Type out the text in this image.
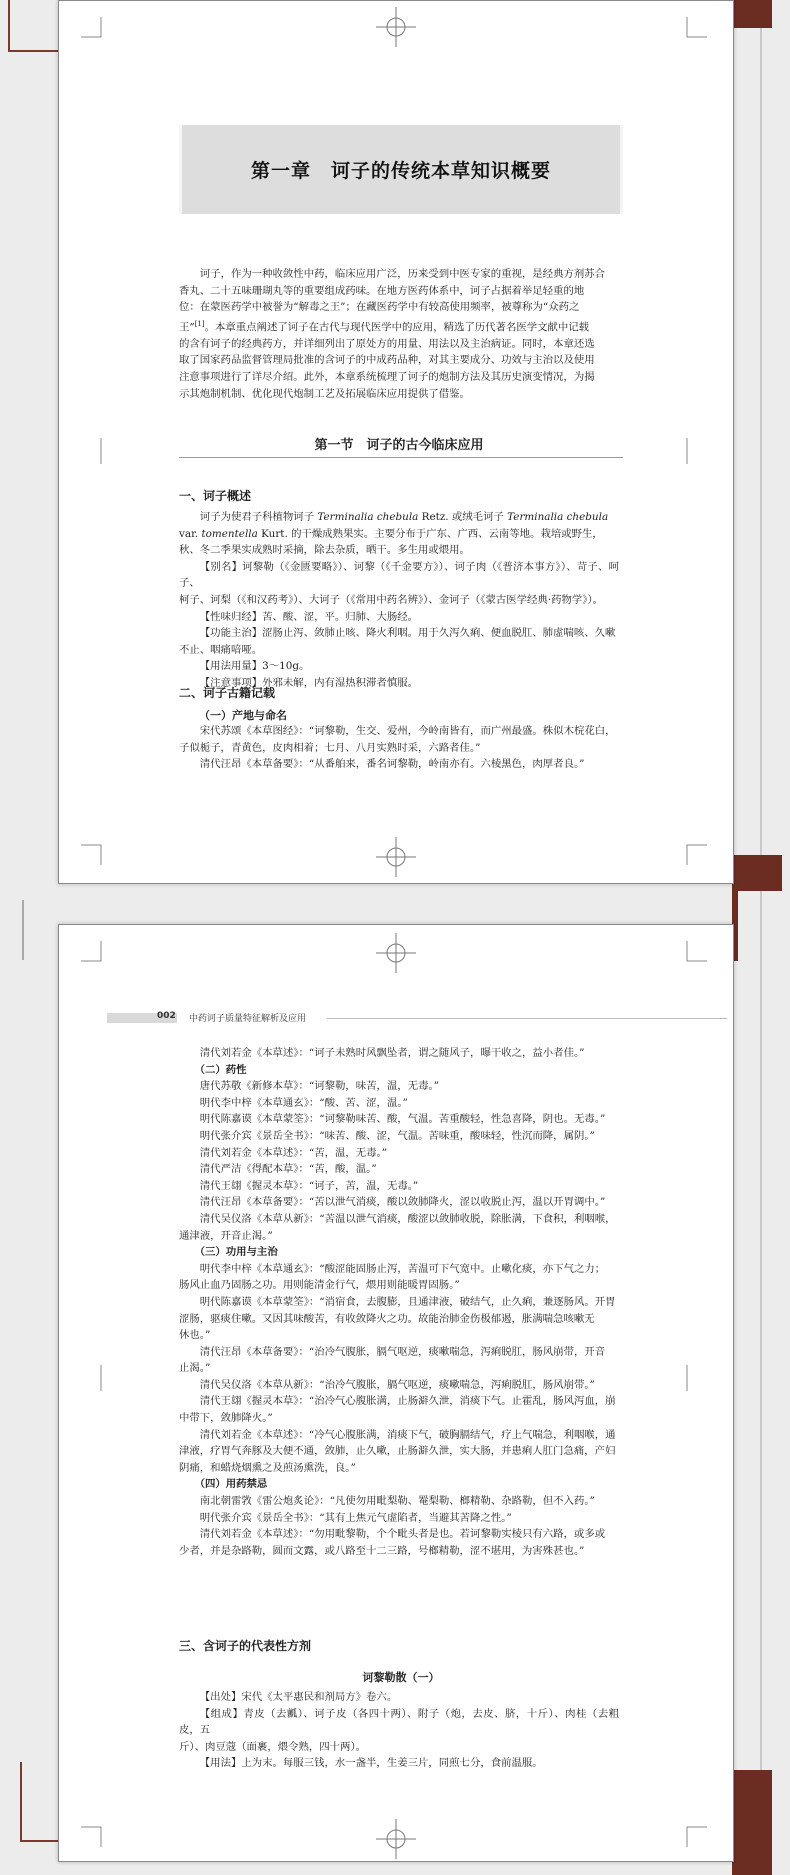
第一章　诃子的传统本草知识概要
诃子，作为一种收敛性中药，临床应用广泛，历来受到中医专家的重视，是经典方剂苏合
香丸、二十五味珊瑚丸等的重要组成药味。在地方医药体系中，诃子占据着举足轻重的地
位：在蒙医药学中被誉为“解毒之王”；在藏医药学中有较高使用频率，被尊称为“众药之
王”[1]。本章重点阐述了诃子在古代与现代医学中的应用，精选了历代著名医学文献中记载
的含有诃子的经典药方，并详细列出了原处方的用量、用法以及主治病证。同时，本章还选
取了国家药品监督管理局批准的含诃子的中成药品种，对其主要成分、功效与主治以及使用
注意事项进行了详尽介绍。此外，本章系统梳理了诃子的炮制方法及其历史演变情况，为揭
示其炮制机制、优化现代炮制工艺及拓展临床应用提供了借鉴。
第一节　诃子的古今临床应用
一、诃子概述
诃子为使君子科植物诃子 Terminalia chebula Retz. 或绒毛诃子 Terminalia chebula
var. tomentella Kurt. 的干燥成熟果实。主要分布于广东、广西、云南等地。栽培或野生，
秋、冬二季果实成熟时采摘，除去杂质，晒干。多生用或煨用。
【别名】诃黎勒（《金匮要略》）、诃黎（《千金要方》）、诃子肉（《普济本事方》）、苛子、呵子、
柯子、诃梨（《和汉药考》）、大诃子（《常用中药名辨》）、金诃子（《蒙古医学经典·药物学》）。
【性味归经】苦、酸、涩，平。归肺、大肠经。
【功能主治】涩肠止泻、敛肺止咳、降火利咽。用于久泻久痢、便血脱肛、肺虚喘咳、久嗽
不止、咽痛喑哑。
【用法用量】3～10g。
【注意事项】外邪未解，内有湿热积滞者慎服。
二、诃子古籍记载
（一）产地与命名
宋代苏颂《本草图经》：“诃黎勒，生交、爱州，今岭南皆有，而广州最盛。株似木梡花白，
子似栀子，青黄色，皮肉相着；七月、八月实熟时采，六路者佳。”
清代汪昂《本草备要》：“从番舶来，番名诃黎勒，岭南亦有。六棱黑色，肉厚者良。”
002 中药诃子质量特征解析及应用
清代刘若金《本草述》：“诃子未熟时风飘坠者，谓之随风子，曝干收之，益小者佳。”
（二）药性
唐代苏敬《新修本草》：“诃黎勒，味苦，温，无毒。”
明代李中梓《本草通玄》：“酸、苦、涩，温。”
明代陈嘉谟《本草蒙筌》：“诃黎勒味苦、酸，气温。苦重酸轻，性急喜降，阴也。无毒。”
明代张介宾《景岳全书》：“味苦、酸、涩，气温。苦味重，酸味轻，性沉而降，属阴。”
清代刘若金《本草述》：“苦，温，无毒。”
清代严洁《得配本草》：“苦，酸，温。”
清代王翃《握灵本草》：“诃子，苦，温，无毒。”
清代汪昂《本草备要》：“苦以泄气消痰，酸以敛肺降火，涩以收脱止泻，温以开胃调中。”
清代吴仪洛《本草从新》：“苦温以泄气消痰，酸涩以敛肺收脱，除胀满，下食积，利咽喉，
通津液，开音止渴。”
（三）功用与主治
明代李中梓《本草通玄》：“酸涩能固肠止泻，苦温可下气宽中。止嗽化痰，亦下气之力；
肠风止血乃固肠之功。用则能清金行气，煨用则能暖胃固肠。”
明代陈嘉谟《本草蒙筌》：“消宿食，去腹膨，且通津液，破结气，止久痢，兼逐肠风。开胃
涩肠，驱痰住嗽。又因其味酸苦，有收敛降火之功。故能治肺金伤极郁遏，胀满喘急咳嗽无
休也。”
清代汪昂《本草备要》：“治冷气腹胀，膈气呕逆，痰嗽喘急，泻痢脱肛，肠风崩带，开音
止渴。”
清代吴仪洛《本草从新》：“治冷气腹胀，膈气呕逆，痰嗽喘急，泻痢脱肛，肠风崩带。”
清代王翃《握灵本草》：“治冷气心腹胀满，止肠澼久泄，消痰下气。止霍乱，肠风泻血，崩
中带下，敛肺降火。”
清代刘若金《本草述》：“冷气心腹胀满，消痰下气，破胸膈结气，疗上气喘急，利咽喉，通
津液，疗胃气奔豚及大便不通，敛肺，止久嗽，止肠澼久泄，实大肠，并患痢人肛门急痛，产妇
阴痛，和蜡烧烟熏之及煎汤熏洗，良。”
（四）用药禁忌
南北朝雷敩《雷公炮炙论》：“凡使勿用毗梨勒、罨梨勒、榔精勒、杂路勒，但不入药。”
明代张介宾《景岳全书》：“其有上焦元气虚陷者，当避其苦降之性。”
清代刘若金《本草述》：“勿用毗黎勒，个个毗头者是也。若诃黎勒实棱只有六路，或多或
少者，并是杂路勒，圆而文露，或八路至十二三路，号榔精勒，涩不堪用，为害殊甚也。”
三、含诃子的代表性方剂
诃黎勒散（一）
【出处】宋代《太平惠民和剂局方》卷六。
【组成】青皮（去瓤）、诃子皮（各四十两）、附子（炮，去皮、脐，十斤）、肉桂（去粗皮，五
斤）、肉豆蔻（面裹，煨令熟，四十两）。
【用法】上为末。每服三钱，水一盏半，生姜三片，同煎七分，食前温服。
